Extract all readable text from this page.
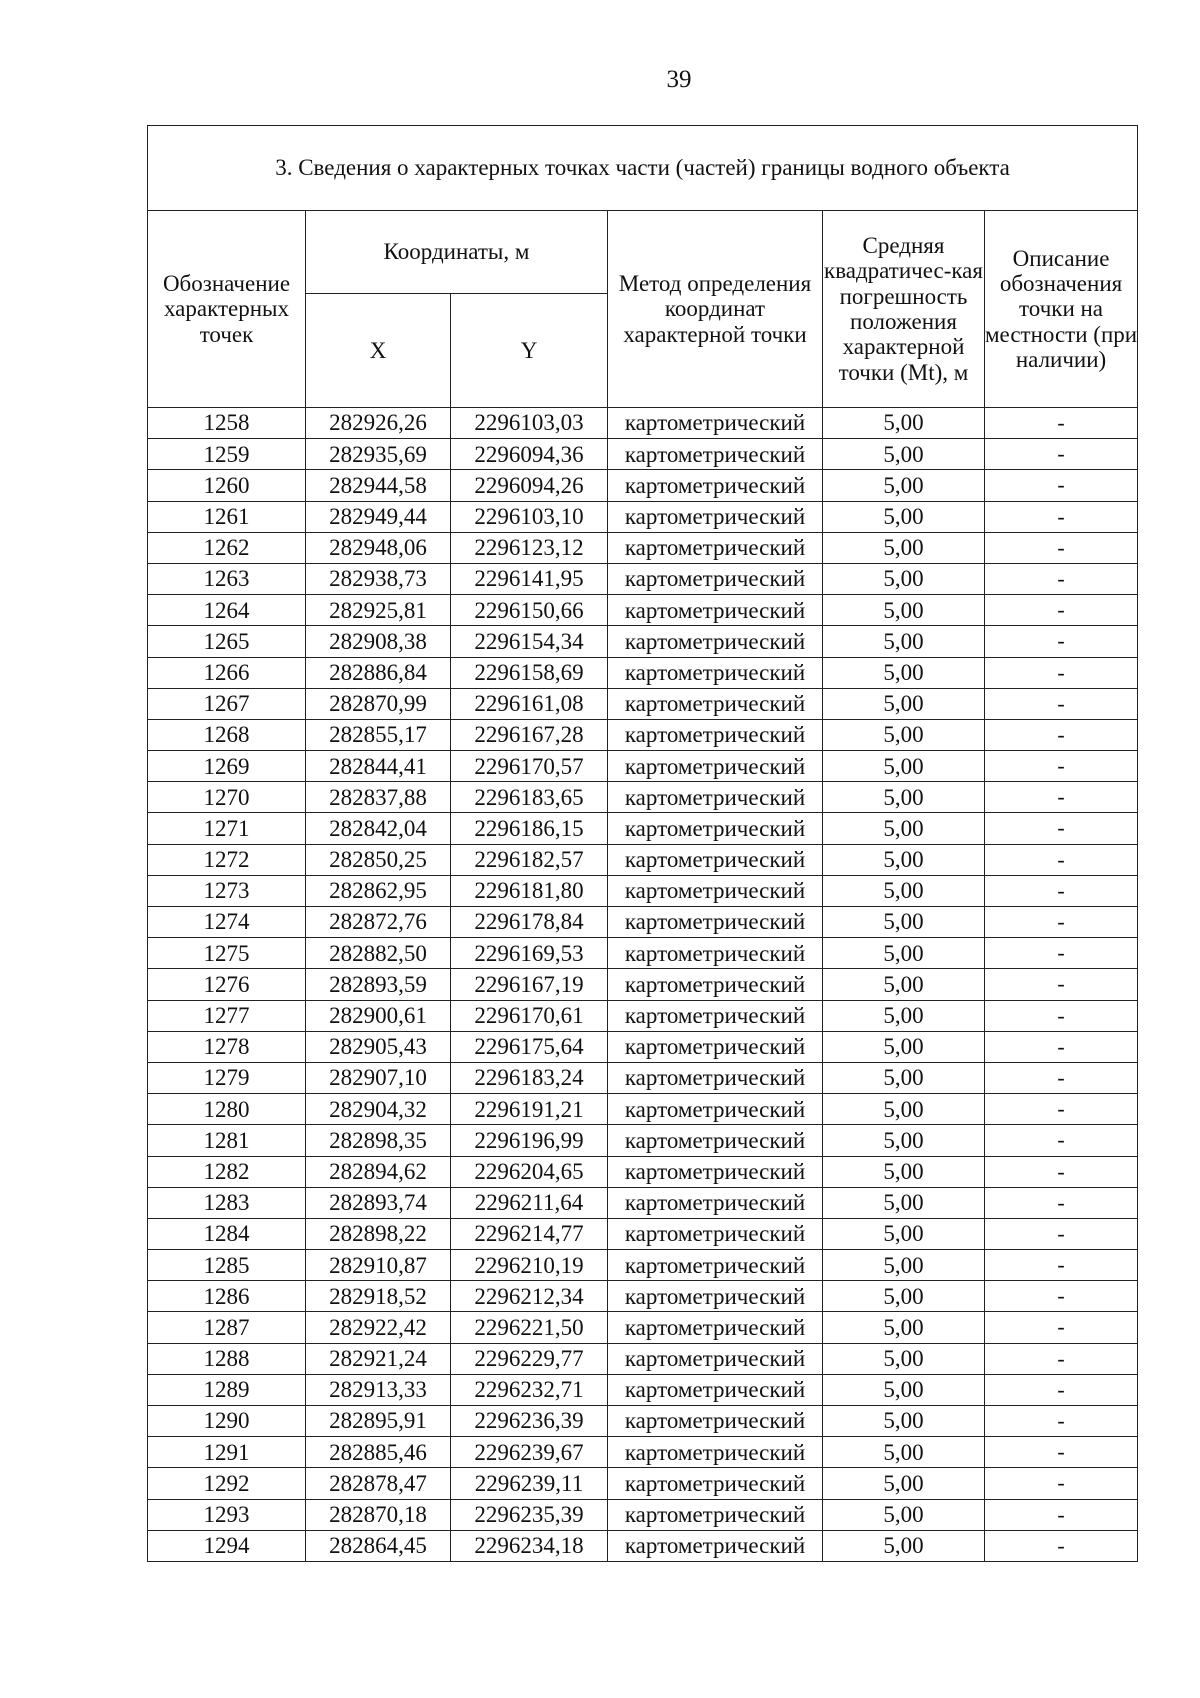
39
3. Сведения о характерных точках части (частей) границы водного объекта					
Обозначение характерных точек	Координаты, м		Метод определения координат характерной точки	Средняя квадратичес-кая погрешность положения характерной точки (Mt), м	Описание обозначения точки на местности (при наличии)
	X	Y			
1258	282926,26	2296103,03	картометрический	5,00	-
1259	282935,69	2296094,36	картометрический	5,00	-
1260	282944,58	2296094,26	картометрический	5,00	-
1261	282949,44	2296103,10	картометрический	5,00	-
1262	282948,06	2296123,12	картометрический	5,00	-
1263	282938,73	2296141,95	картометрический	5,00	-
1264	282925,81	2296150,66	картометрический	5,00	-
1265	282908,38	2296154,34	картометрический	5,00	-
1266	282886,84	2296158,69	картометрический	5,00	-
1267	282870,99	2296161,08	картометрический	5,00	-
1268	282855,17	2296167,28	картометрический	5,00	-
1269	282844,41	2296170,57	картометрический	5,00	-
1270	282837,88	2296183,65	картометрический	5,00	-
1271	282842,04	2296186,15	картометрический	5,00	-
1272	282850,25	2296182,57	картометрический	5,00	-
1273	282862,95	2296181,80	картометрический	5,00	-
1274	282872,76	2296178,84	картометрический	5,00	-
1275	282882,50	2296169,53	картометрический	5,00	-
1276	282893,59	2296167,19	картометрический	5,00	-
1277	282900,61	2296170,61	картометрический	5,00	-
1278	282905,43	2296175,64	картометрический	5,00	-
1279	282907,10	2296183,24	картометрический	5,00	-
1280	282904,32	2296191,21	картометрический	5,00	-
1281	282898,35	2296196,99	картометрический	5,00	-
1282	282894,62	2296204,65	картометрический	5,00	-
1283	282893,74	2296211,64	картометрический	5,00	-
1284	282898,22	2296214,77	картометрический	5,00	-
1285	282910,87	2296210,19	картометрический	5,00	-
1286	282918,52	2296212,34	картометрический	5,00	-
1287	282922,42	2296221,50	картометрический	5,00	-
1288	282921,24	2296229,77	картометрический	5,00	-
1289	282913,33	2296232,71	картометрический	5,00	-
1290	282895,91	2296236,39	картометрический	5,00	-
1291	282885,46	2296239,67	картометрический	5,00	-
1292	282878,47	2296239,11	картометрический	5,00	-
1293	282870,18	2296235,39	картометрический	5,00	-
1294	282864,45	2296234,18	картометрический	5,00	-
